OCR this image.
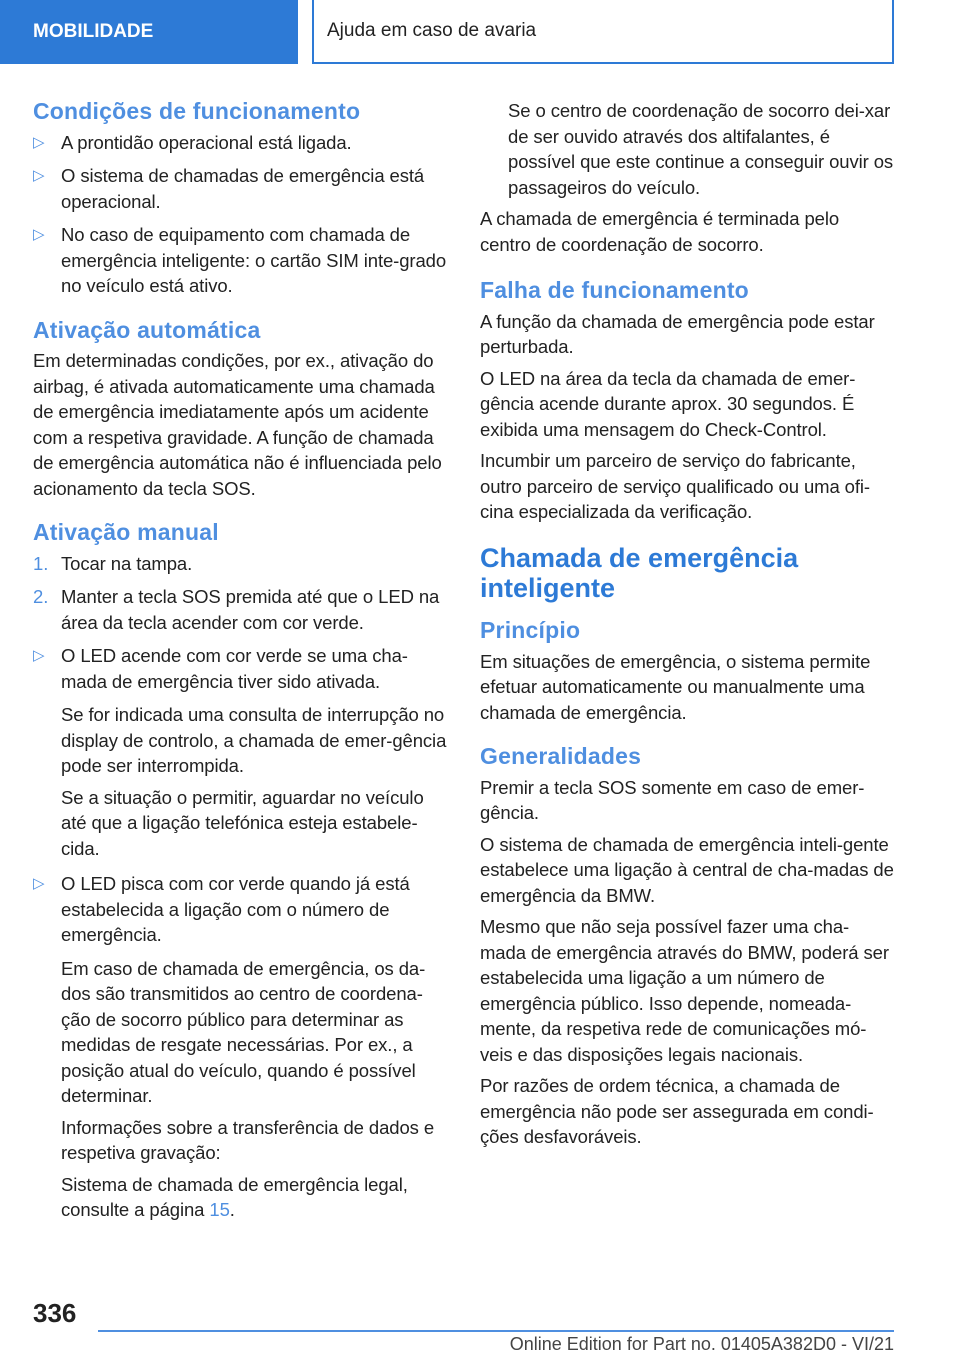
MOBILIDADE	Ajuda em caso de avaria
Condições de funcionamento
▷ A prontidão operacional está ligada.
▷ O sistema de chamadas de emergência está operacional.
▷ No caso de equipamento com chamada de emergência inteligente: o cartão SIM inte-grado no veículo está ativo.
Ativação automática

Em determinadas condições, por ex., ativação do airbag, é ativada automaticamente uma chamada de emergência imediatamente após um acidente com a respetiva gravidade. A função de chamada de emergência automática não é influenciada pelo acionamento da tecla SOS.

Ativação manual
1. Tocar na tampa.
2. Manter a tecla SOS premida até que o LED na área da tecla acender com cor verde.
▷ O LED acende com cor verde se uma cha-mada de emergência tiver sido ativada.

Se for indicada uma consulta de interrupção no display de controlo, a chamada de emer-gência pode ser interrompida.

Se a situação o permitir, aguardar no veículo até que a ligação telefónica esteja estabele-cida.

▷ O LED pisca com cor verde quando já está estabelecida a ligação com o número de emergência.

Em caso de chamada de emergência, os da-dos são transmitidos ao centro de coordena-ção de socorro público para determinar as medidas de resgate necessárias. Por ex., a posição atual do veículo, quando é possível determinar.

Informações sobre a transferência de dados e respetiva gravação:

Sistema de chamada de emergência legal, consulte a página 15.

Se o centro de coordenação de socorro dei-xar de ser ouvido através dos altifalantes, é possível que este continue a conseguir ouvir os passageiros do veículo.

A chamada de emergência é terminada pelo centro de coordenação de socorro.

Falha de funcionamento

A função da chamada de emergência pode estar perturbada.

O LED na área da tecla da chamada de emer-gência acende durante aprox. 30 segundos. É exibida uma mensagem do Check-Control.

Incumbir um parceiro de serviço do fabricante, outro parceiro de serviço qualificado ou uma ofi-cina especializada da verificação.

Chamada de emergência inteligente
Princípio

Em situações de emergência, o sistema permite efetuar automaticamente ou manualmente uma chamada de emergência.

Generalidades

Premir a tecla SOS somente em caso de emer-gência.

O sistema de chamada de emergência inteli-gente estabelece uma ligação à central de cha-madas de emergência da BMW.

Mesmo que não seja possível fazer uma cha-mada de emergência através do BMW, poderá ser estabelecida uma ligação a um número de emergência público. Isso depende, nomeada-mente, da respetiva rede de comunicações mó-veis e das disposições legais nacionais.

Por razões de ordem técnica, a chamada de emergência não pode ser assegurada em condi-ções desfavoráveis.

336
Online Edition for Part no. 01405A382D0 - VI/21
